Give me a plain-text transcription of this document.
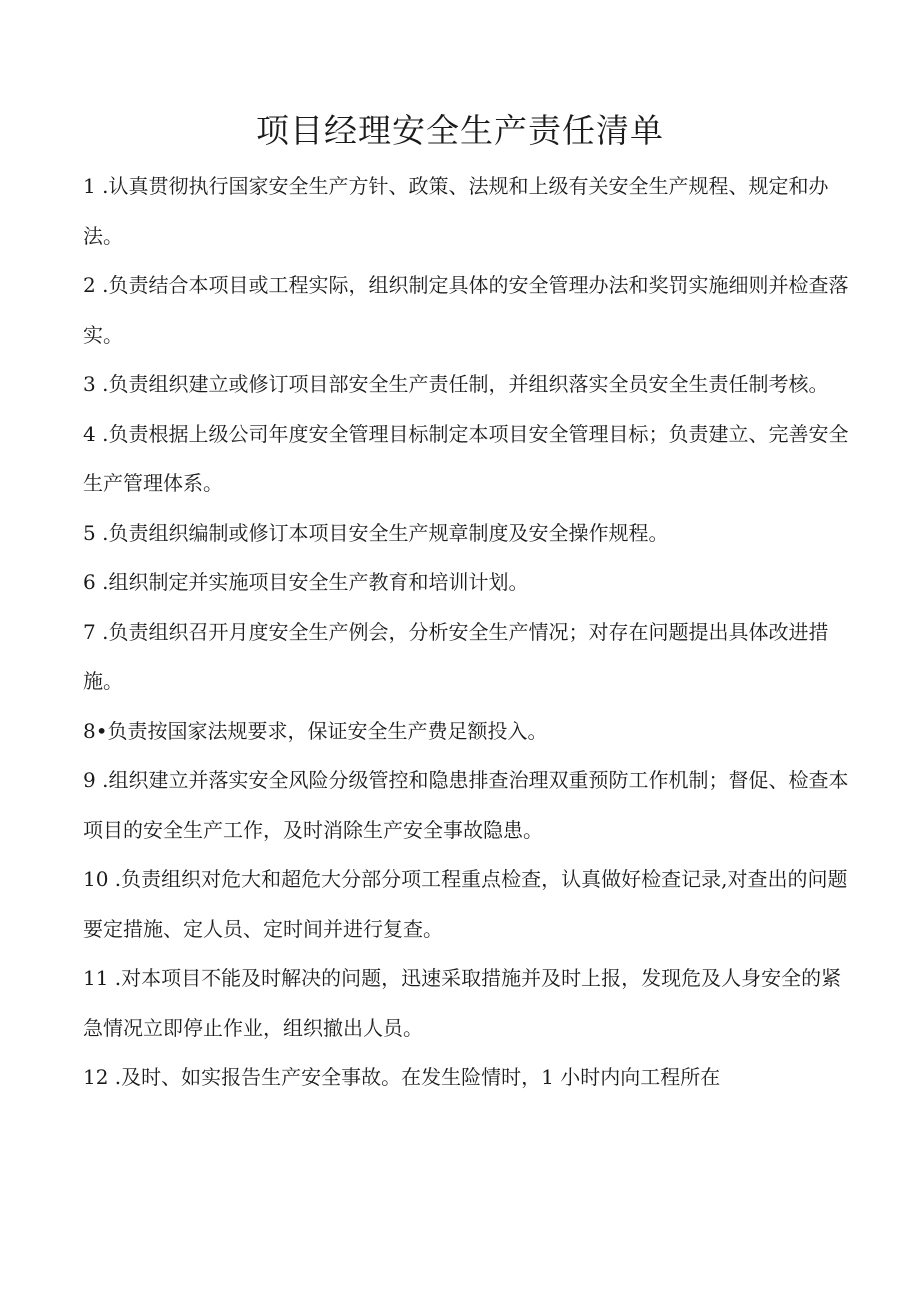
项目经理安全生产责任清单
1 .认真贯彻执行国家安全生产方针、政策、法规和上级有关安全生产规程、规定和办法。
2 .负责结合本项目或工程实际，组织制定具体的安全管理办法和奖罚实施细则并检查落实。
3 .负责组织建立或修订项目部安全生产责任制，并组织落实全员安全生责任制考核。
4 .负责根据上级公司年度安全管理目标制定本项目安全管理目标；负责建立、完善安全生产管理体系。
5 .负责组织编制或修订本项目安全生产规章制度及安全操作规程。
6 .组织制定并实施项目安全生产教育和培训计划。
7 .负责组织召开月度安全生产例会，分析安全生产情况；对存在问题提出具体改进措施。
8•负责按国家法规要求，保证安全生产费足额投入。
9 .组织建立并落实安全风险分级管控和隐患排查治理双重预防工作机制；督促、检查本项目的安全生产工作，及时消除生产安全事故隐患。
10 .负责组织对危大和超危大分部分项工程重点检查，认真做好检查记录,对查出的问题要定措施、定人员、定时间并进行复查。
11 .对本项目不能及时解决的问题，迅速采取措施并及时上报，发现危及人身安全的紧急情况立即停止作业，组织撤出人员。
12 .及时、如实报告生产安全事故。在发生险情时，1 小时内向工程所在
